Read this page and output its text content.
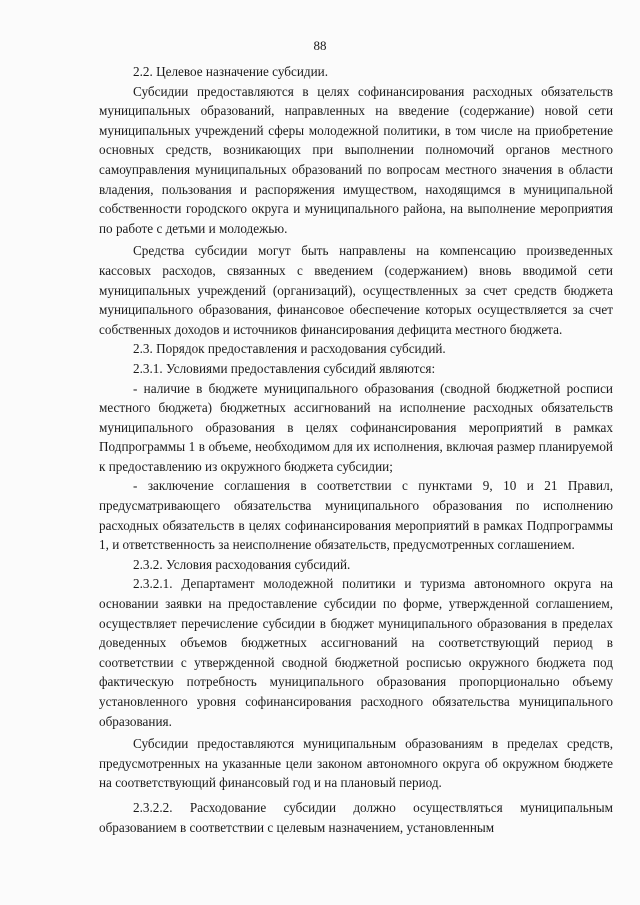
88

2.2. Целевое назначение субсидии.

Субсидии предоставляются в целях софинансирования расходных обязательств муниципальных образований, направленных на введение (содержание) новой сети муниципальных учреждений сферы молодежной политики, в том числе на приобретение основных средств, возникающих при выполнении полномочий органов местного самоуправления муниципальных образований по вопросам местного значения в области владения, пользования и распоряжения имуществом, находящимся в муниципальной собственности городского округа и муниципального района, на выполнение мероприятия по работе с детьми и молодежью.

Средства субсидии могут быть направлены на компенсацию произведенных кассовых расходов, связанных с введением (содержанием) вновь вводимой сети муниципальных учреждений (организаций), осуществленных за счет средств бюджета муниципального образования, финансовое обеспечение которых осуществляется за счет собственных доходов и источников финансирования дефицита местного бюджета.

2.3. Порядок предоставления и расходования субсидий.

2.3.1. Условиями предоставления субсидий являются:

- наличие в бюджете муниципального образования (сводной бюджетной росписи местного бюджета) бюджетных ассигнований на исполнение расходных обязательств муниципального образования в целях софинансирования мероприятий в рамках Подпрограммы 1 в объеме, необходимом для их исполнения, включая размер планируемой к предоставлению из окружного бюджета субсидии;

- заключение соглашения в соответствии с пунктами 9, 10 и 21 Правил, предусматривающего обязательства муниципального образования по исполнению расходных обязательств в целях софинансирования мероприятий в рамках Подпрограммы 1, и ответственность за неисполнение обязательств, предусмотренных соглашением.

2.3.2. Условия расходования субсидий.

2.3.2.1. Департамент молодежной политики и туризма автономного округа на основании заявки на предоставление субсидии по форме, утвержденной соглашением, осуществляет перечисление субсидии в бюджет муниципального образования в пределах доведенных объемов бюджетных ассигнований на соответствующий период в соответствии с утвержденной сводной бюджетной росписью окружного бюджета под фактическую потребность муниципального образования пропорционально объему установленного уровня софинансирования расходного обязательства муниципального образования.

Субсидии предоставляются муниципальным образованиям в пределах средств, предусмотренных на указанные цели законом автономного округа об окружном бюджете на соответствующий финансовый год и на плановый период.

2.3.2.2. Расходование субсидии должно осуществляться муниципальным образованием в соответствии с целевым назначением, установленным
